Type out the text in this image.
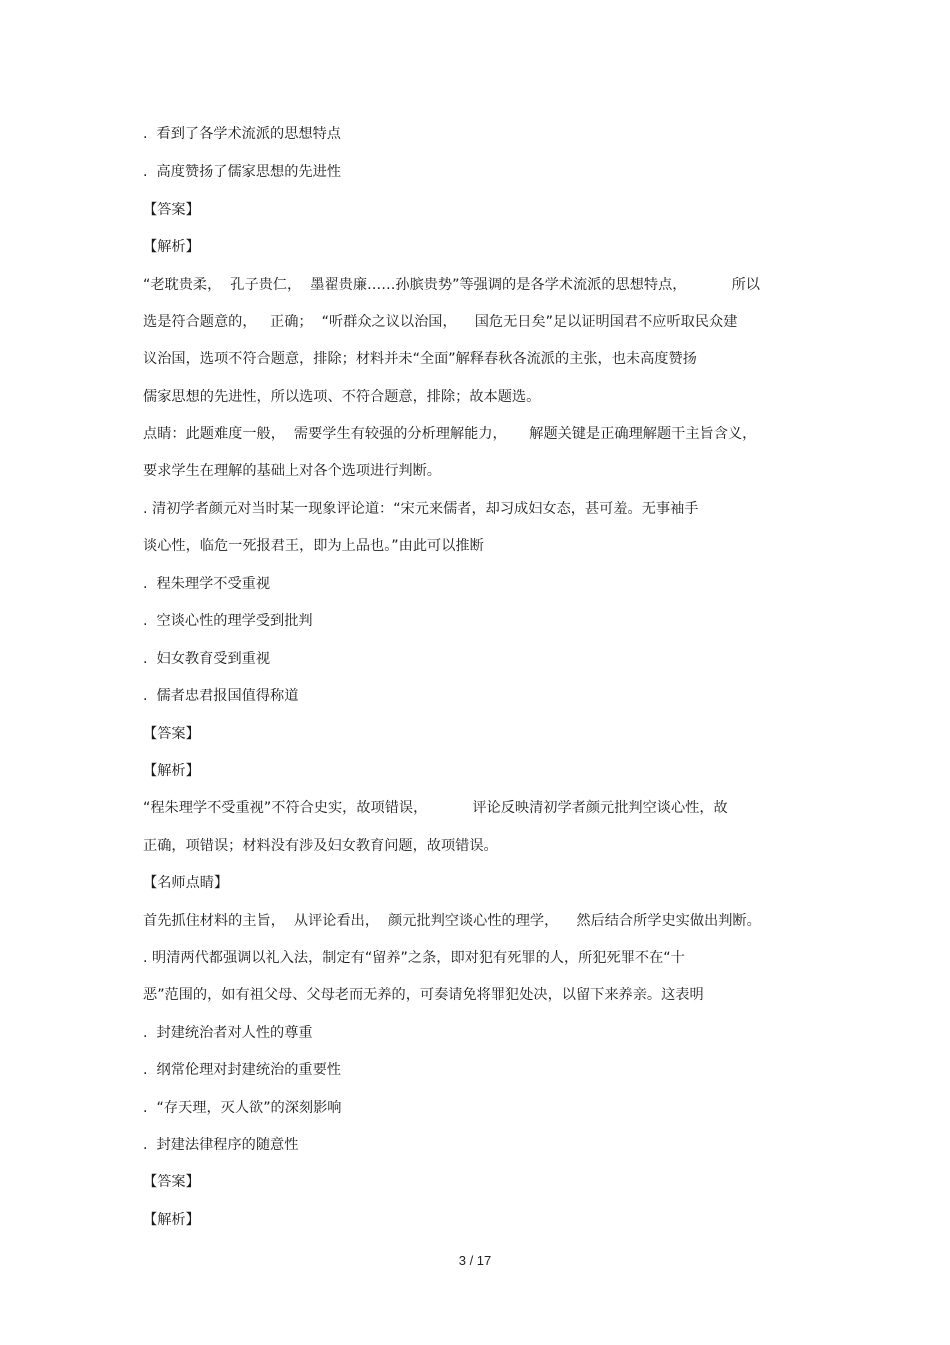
.  看到了各学术流派的思想特点
.  高度赞扬了儒家思想的先进性
【答案】
【解析】
“老耽贵柔，  孔子贵仁，  墨翟贵廉……孙膑贵势”等强调的是各学术流派的思想特点，          所以
选是符合题意的，   正确；  “听群众之议以治国，    国危无日矣”足以证明国君不应听取民众建
议治国，选项不符合题意，排除；材料并未“全面”解释春秋各流派的主张，也未高度赞扬
儒家思想的先进性，所以选项、不符合题意，排除；故本题选。
点睛：此题难度一般，  需要学生有较强的分析理解能力，     解题关键是正确理解题干主旨含义，
要求学生在理解的基础上对各个选项进行判断。
. 清初学者颜元对当时某一现象评论道：“宋元来儒者，却习成妇女态，甚可羞。无事袖手
谈心性，临危一死报君王，即为上品也。”由此可以推断
.  程朱理学不受重视
.  空谈心性的理学受到批判
.  妇女教育受到重视
.  儒者忠君报国值得称道
【答案】
【解析】
“程朱理学不受重视”不符合史实，故项错误，          评论反映清初学者颜元批判空谈心性，故
正确，项错误；材料没有涉及妇女教育问题，故项错误。
【名师点睛】
首先抓住材料的主旨，  从评论看出，  颜元批判空谈心性的理学，    然后结合所学史实做出判断。
. 明清两代都强调以礼入法，制定有“留养”之条，即对犯有死罪的人，所犯死罪不在“十
恶”范围的，如有祖父母、父母老而无养的，可奏请免将罪犯处决，以留下来养亲。这表明
.  封建统治者对人性的尊重
.  纲常伦理对封建统治的重要性
.  “存天理，灭人欲”的深刻影响
.  封建法律程序的随意性
【答案】
【解析】
3 / 17
